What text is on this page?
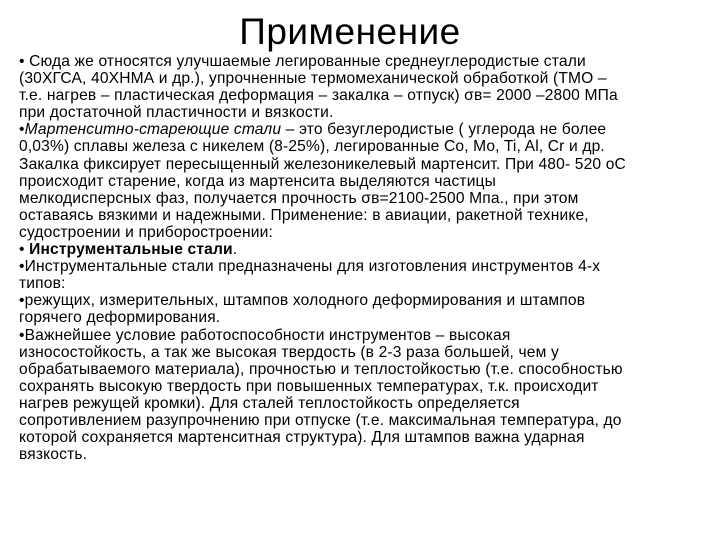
Применение

• Сюда же относятся улучшаемые легированные среднеуглеродистые стали
(30ХГСА, 40ХНМА и др.), упрочненные термомеханической обработкой (ТМО –
т.е. нагрев – пластическая деформация – закалка – отпуск) σв= 2000 –2800 МПа
при достаточной пластичности и вязкости.

•Мартенситно-стареющие стали – это безуглеродистые ( углерода не более
0,03%) сплавы железа с никелем (8-25%), легированные Co, Mo, Ti, Al, Cr и др.
Закалка фиксирует пересыщенный железоникелевый мартенсит. При 480- 520 оС
происходит старение, когда из мартенсита выделяются частицы
мелкодисперсных фаз, получается прочность σв=2100-2500 Мпа., при этом
оставаясь вязкими и надежными. Применение: в авиации, ракетной технике,
судостроении и приборостроении:

• Инструментальные стали.

•Инструментальные стали предназначены для изготовления инструментов 4-х
типов:

•режущих, измерительных, штампов холодного деформирования и штампов
горячего деформирования.

•Важнейшее условие работоспособности инструментов – высокая
износостойкость, а так же высокая твердость (в 2-3 раза большей, чем у
обрабатываемого материала), прочностью и теплостойкостью (т.е. способностью
сохранять высокую твердость при повышенных температурах, т.к. происходит
нагрев режущей кромки). Для сталей теплостойкость определяется
сопротивлением разупрочнению при отпуске (т.е. максимальная температура, до
которой сохраняется мартенситная структура). Для штампов важна ударная
вязкость.
